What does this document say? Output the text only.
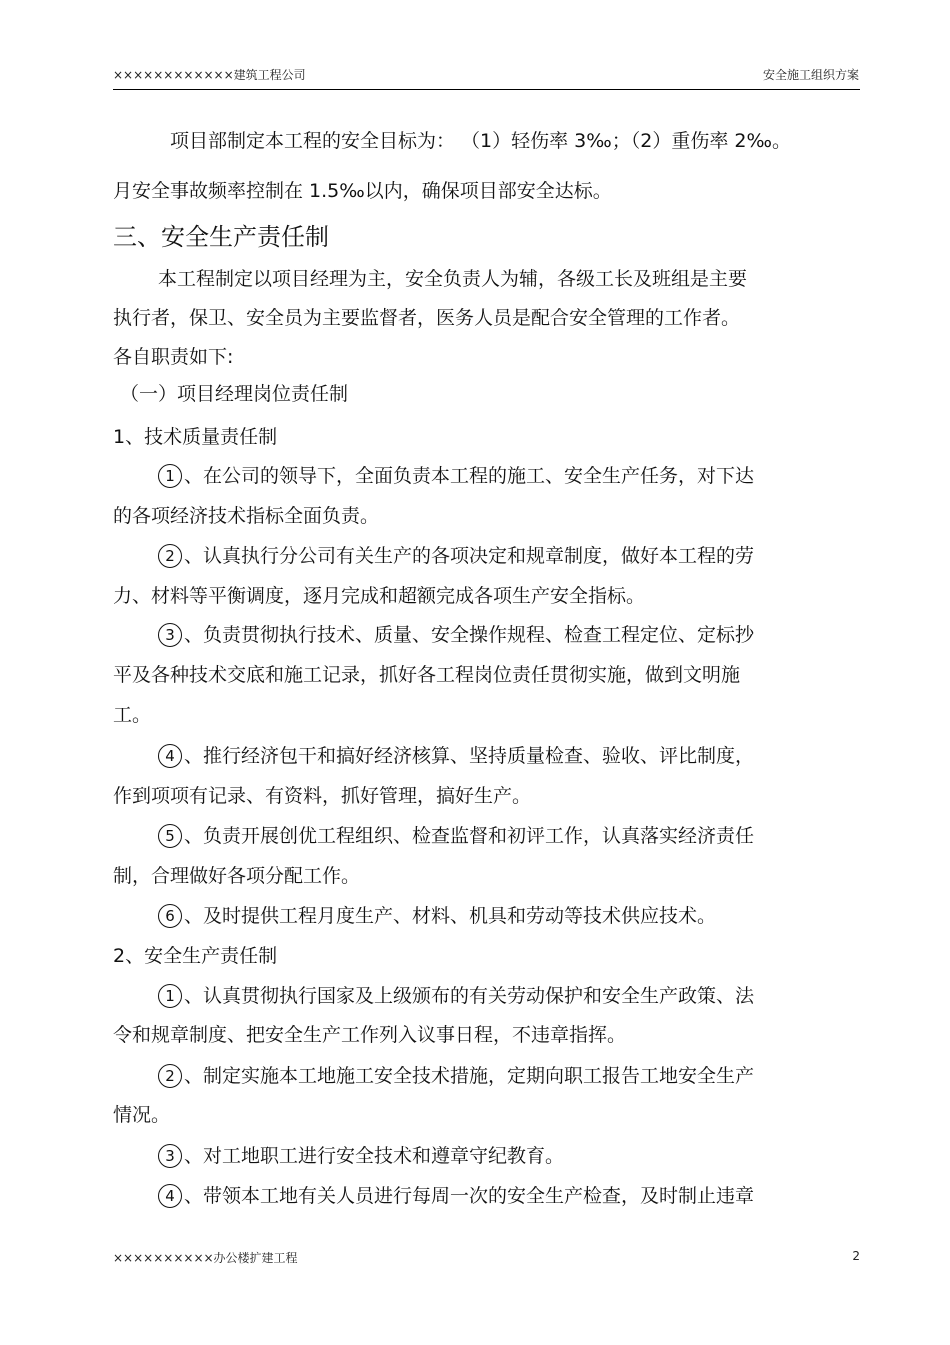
××××××××××××建筑工程公司	安全施工组织方案
项目部制定本工程的安全目标为： （1）轻伤率 3‰；（2）重伤率 2‰。
月安全事故频率控制在 1.5‰以内，确保项目部安全达标。
三、安全生产责任制
本工程制定以项目经理为主，安全负责人为辅，各级工长及班组是主要
执行者，保卫、安全员为主要监督者，医务人员是配合安全管理的工作者。
各自职责如下:
（一）项目经理岗位责任制
1、技术质量责任制
1 、在公司的领导下，全面负责本工程的施工、安全生产任务，对下达
的各项经济技术指标全面负责。
2 、认真执行分公司有关生产的各项决定和规章制度，做好本工程的劳
力、材料等平衡调度，逐月完成和超额完成各项生产安全指标。
3 、负责贯彻执行技术、质量、安全操作规程、检查工程定位、定标抄
平及各种技术交底和施工记录，抓好各工程岗位责任贯彻实施，做到文明施
工。
4 、推行经济包干和搞好经济核算、坚持质量检查、验收、评比制度，
作到项项有记录、有资料，抓好管理，搞好生产。
5 、负责开展创优工程组织、检查监督和初评工作，认真落实经济责任
制，合理做好各项分配工作。
6 、及时提供工程月度生产、材料、机具和劳动等技术供应技术。
2、安全生产责任制
1 、认真贯彻执行国家及上级颁布的有关劳动保护和安全生产政策、法
令和规章制度、把安全生产工作列入议事日程，不违章指挥。
2 、制定实施本工地施工安全技术措施，定期向职工报告工地安全生产
情况。
3 、对工地职工进行安全技术和遵章守纪教育。
4 、带领本工地有关人员进行每周一次的安全生产检查，及时制止违章
××××××××××办公楼扩建工程	2
